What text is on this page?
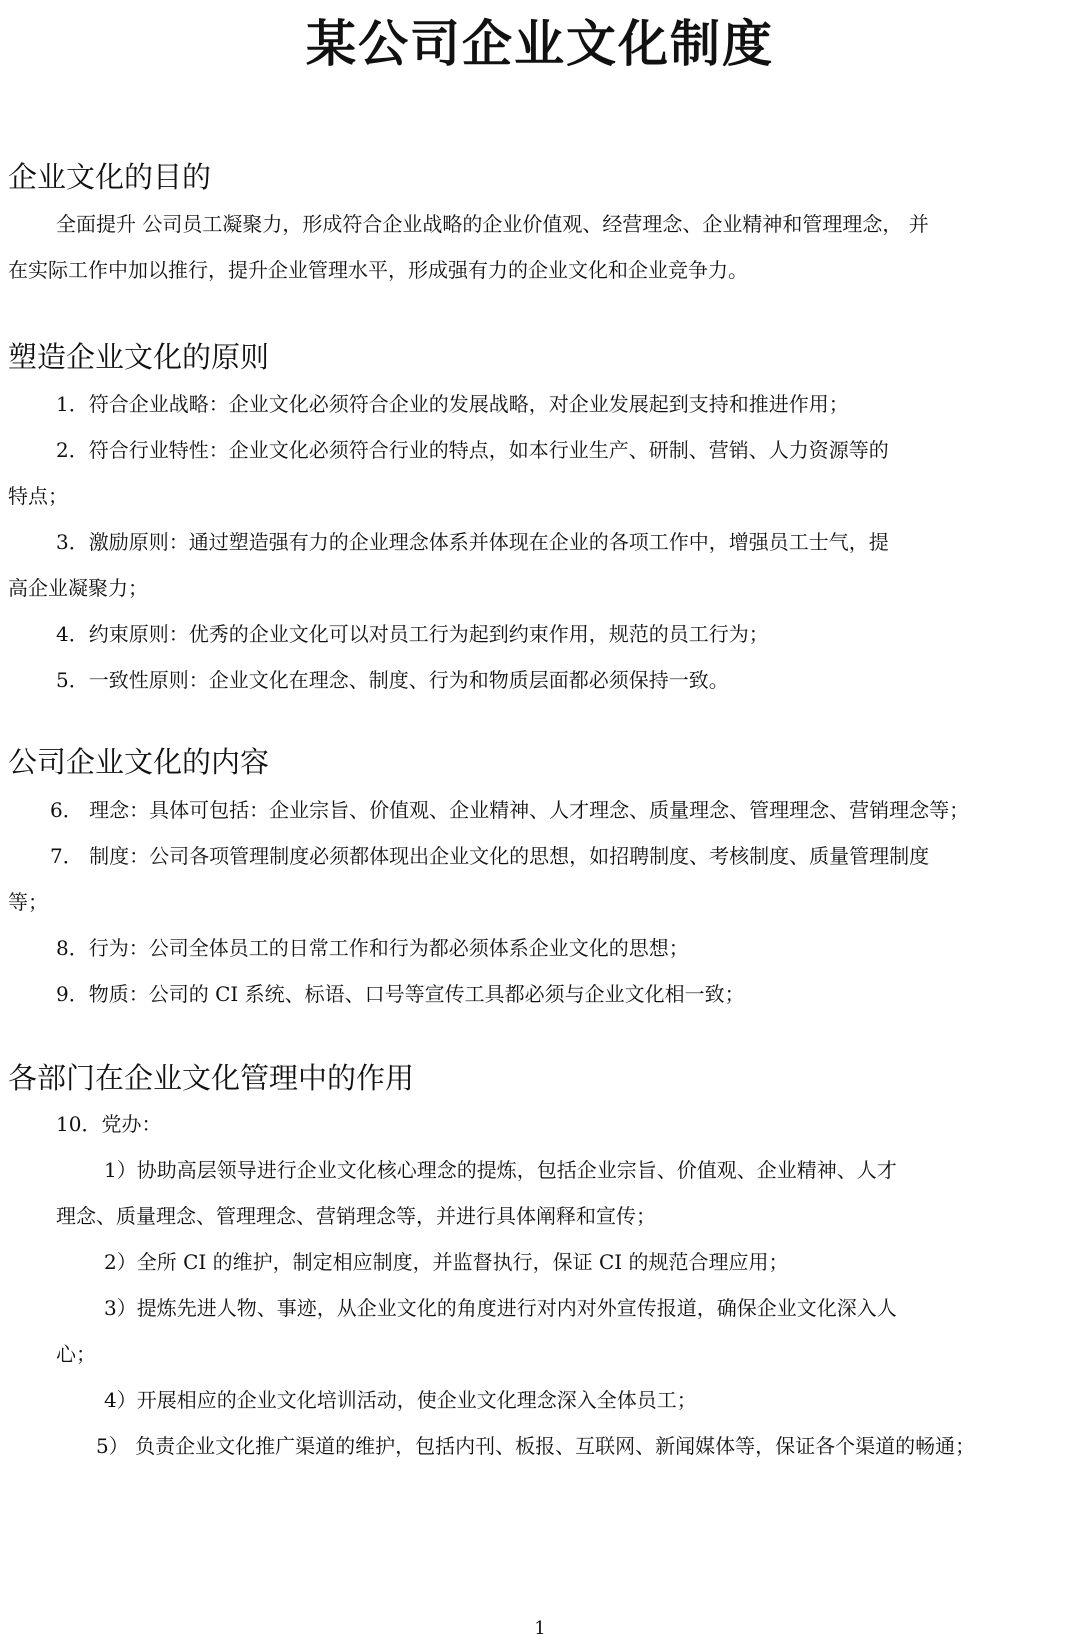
某公司企业文化制度
企业文化的目的

全面提升 公司员工凝聚力，形成符合企业战略的企业价值观、经营理念、企业精神和管理理念， 并

在实际工作中加以推行，提升企业管理水平，形成强有力的企业文化和企业竞争力。

塑造企业文化的原则

1．符合企业战略：企业文化必须符合企业的发展战略，对企业发展起到支持和推进作用；

2．符合行业特性：企业文化必须符合行业的特点，如本行业生产、研制、营销、人力资源等的

特点；

3．激励原则：通过塑造强有力的企业理念体系并体现在企业的各项工作中，增强员工士气，提

高企业凝聚力；

4．约束原则：优秀的企业文化可以对员工行为起到约束作用，规范的员工行为；

5．一致性原则：企业文化在理念、制度、行为和物质层面都必须保持一致。

公司企业文化的内容

6． 理念：具体可包括：企业宗旨、价值观、企业精神、人才理念、质量理念、管理理念、营销理念等；

7． 制度：公司各项管理制度必须都体现出企业文化的思想，如招聘制度、考核制度、质量管理制度

等；

8．行为：公司全体员工的日常工作和行为都必须体系企业文化的思想；

9．物质：公司的 CI 系统、标语、口号等宣传工具都必须与企业文化相一致；

各部门在企业文化管理中的作用

10．党办：

1）协助高层领导进行企业文化核心理念的提炼，包括企业宗旨、价值观、企业精神、人才

理念、质量理念、管理理念、营销理念等，并进行具体阐释和宣传；

2）全所 CI 的维护，制定相应制度，并监督执行，保证 CI 的规范合理应用；

3）提炼先进人物、事迹，从企业文化的角度进行对内对外宣传报道，确保企业文化深入人

心；

4）开展相应的企业文化培训活动，使企业文化理念深入全体员工；

5） 负责企业文化推广渠道的维护，包括内刊、板报、互联网、新闻媒体等，保证各个渠道的畅通；

1
